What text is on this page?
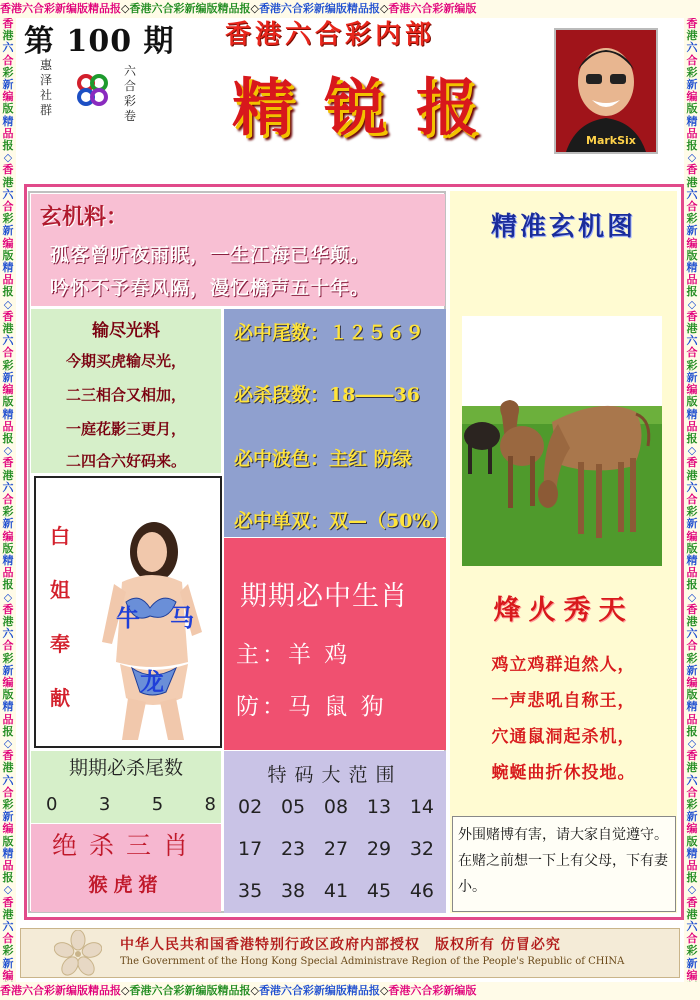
香港六合彩新编版精品报◇香港六合彩新编版精品报◇香港六合彩新编版精品报◇香港六合彩新编版
香港六合彩新编版精品报◇香港六合彩新编版精品报◇香港六合彩新编版精品报◇香港六合彩新编版精品报◇香港六合彩新编版精品报◇香港六合彩新编版精品报◇香港六合彩新编
香港六合彩新编版精品报◇香港六合彩新编版精品报◇香港六合彩新编版精品报◇香港六合彩新编版精品报◇香港六合彩新编版精品报◇香港六合彩新编版精品报◇香港六合彩新编
香港六合彩新编版精品报◇香港六合彩新编版精品报◇香港六合彩新编版精品报◇香港六合彩新编版
第 100 期
惠泽社群
六合彩卷
香港六合彩内部
精锐报	MarkSix
玄机料：
孤客曾听夜雨眠，一生江海已华颠。
吟怀不予春风隔，漫忆檐声五十年。
输尽光料
今期买虎输尽光，
二三相合又相加，
一庭花影三更月，
二四合六好码来。
必中尾数：１２５６９
必杀段数：18――36
必中波色：主红 防绿
必中单双：双—（50%）
白
姐
奉
献
牛 马
龙
期期必中生肖
主：羊 鸡
防：马 鼠 狗
期期必杀尾数
0 3 5 8
绝杀三肖
猴虎猪
特码大范围
02 05 08 13 14
17 23 27 29 32
35 38 41 45 46
精准玄机图
烽火秀天
鸡立鸡群迫然人，
一声悲吼自称王，
穴通鼠洞起杀机，
蜿蜒曲折休投地。
外围赌博有害，请大家自觉遵守。在赌之前想一下上有父母，下有妻小。
中华人民共和国香港特别行政区政府内部授权　版权所有 仿冒必究
The Government of the Hong Kong Special Administrave Region of the People's Republic of CHINA
